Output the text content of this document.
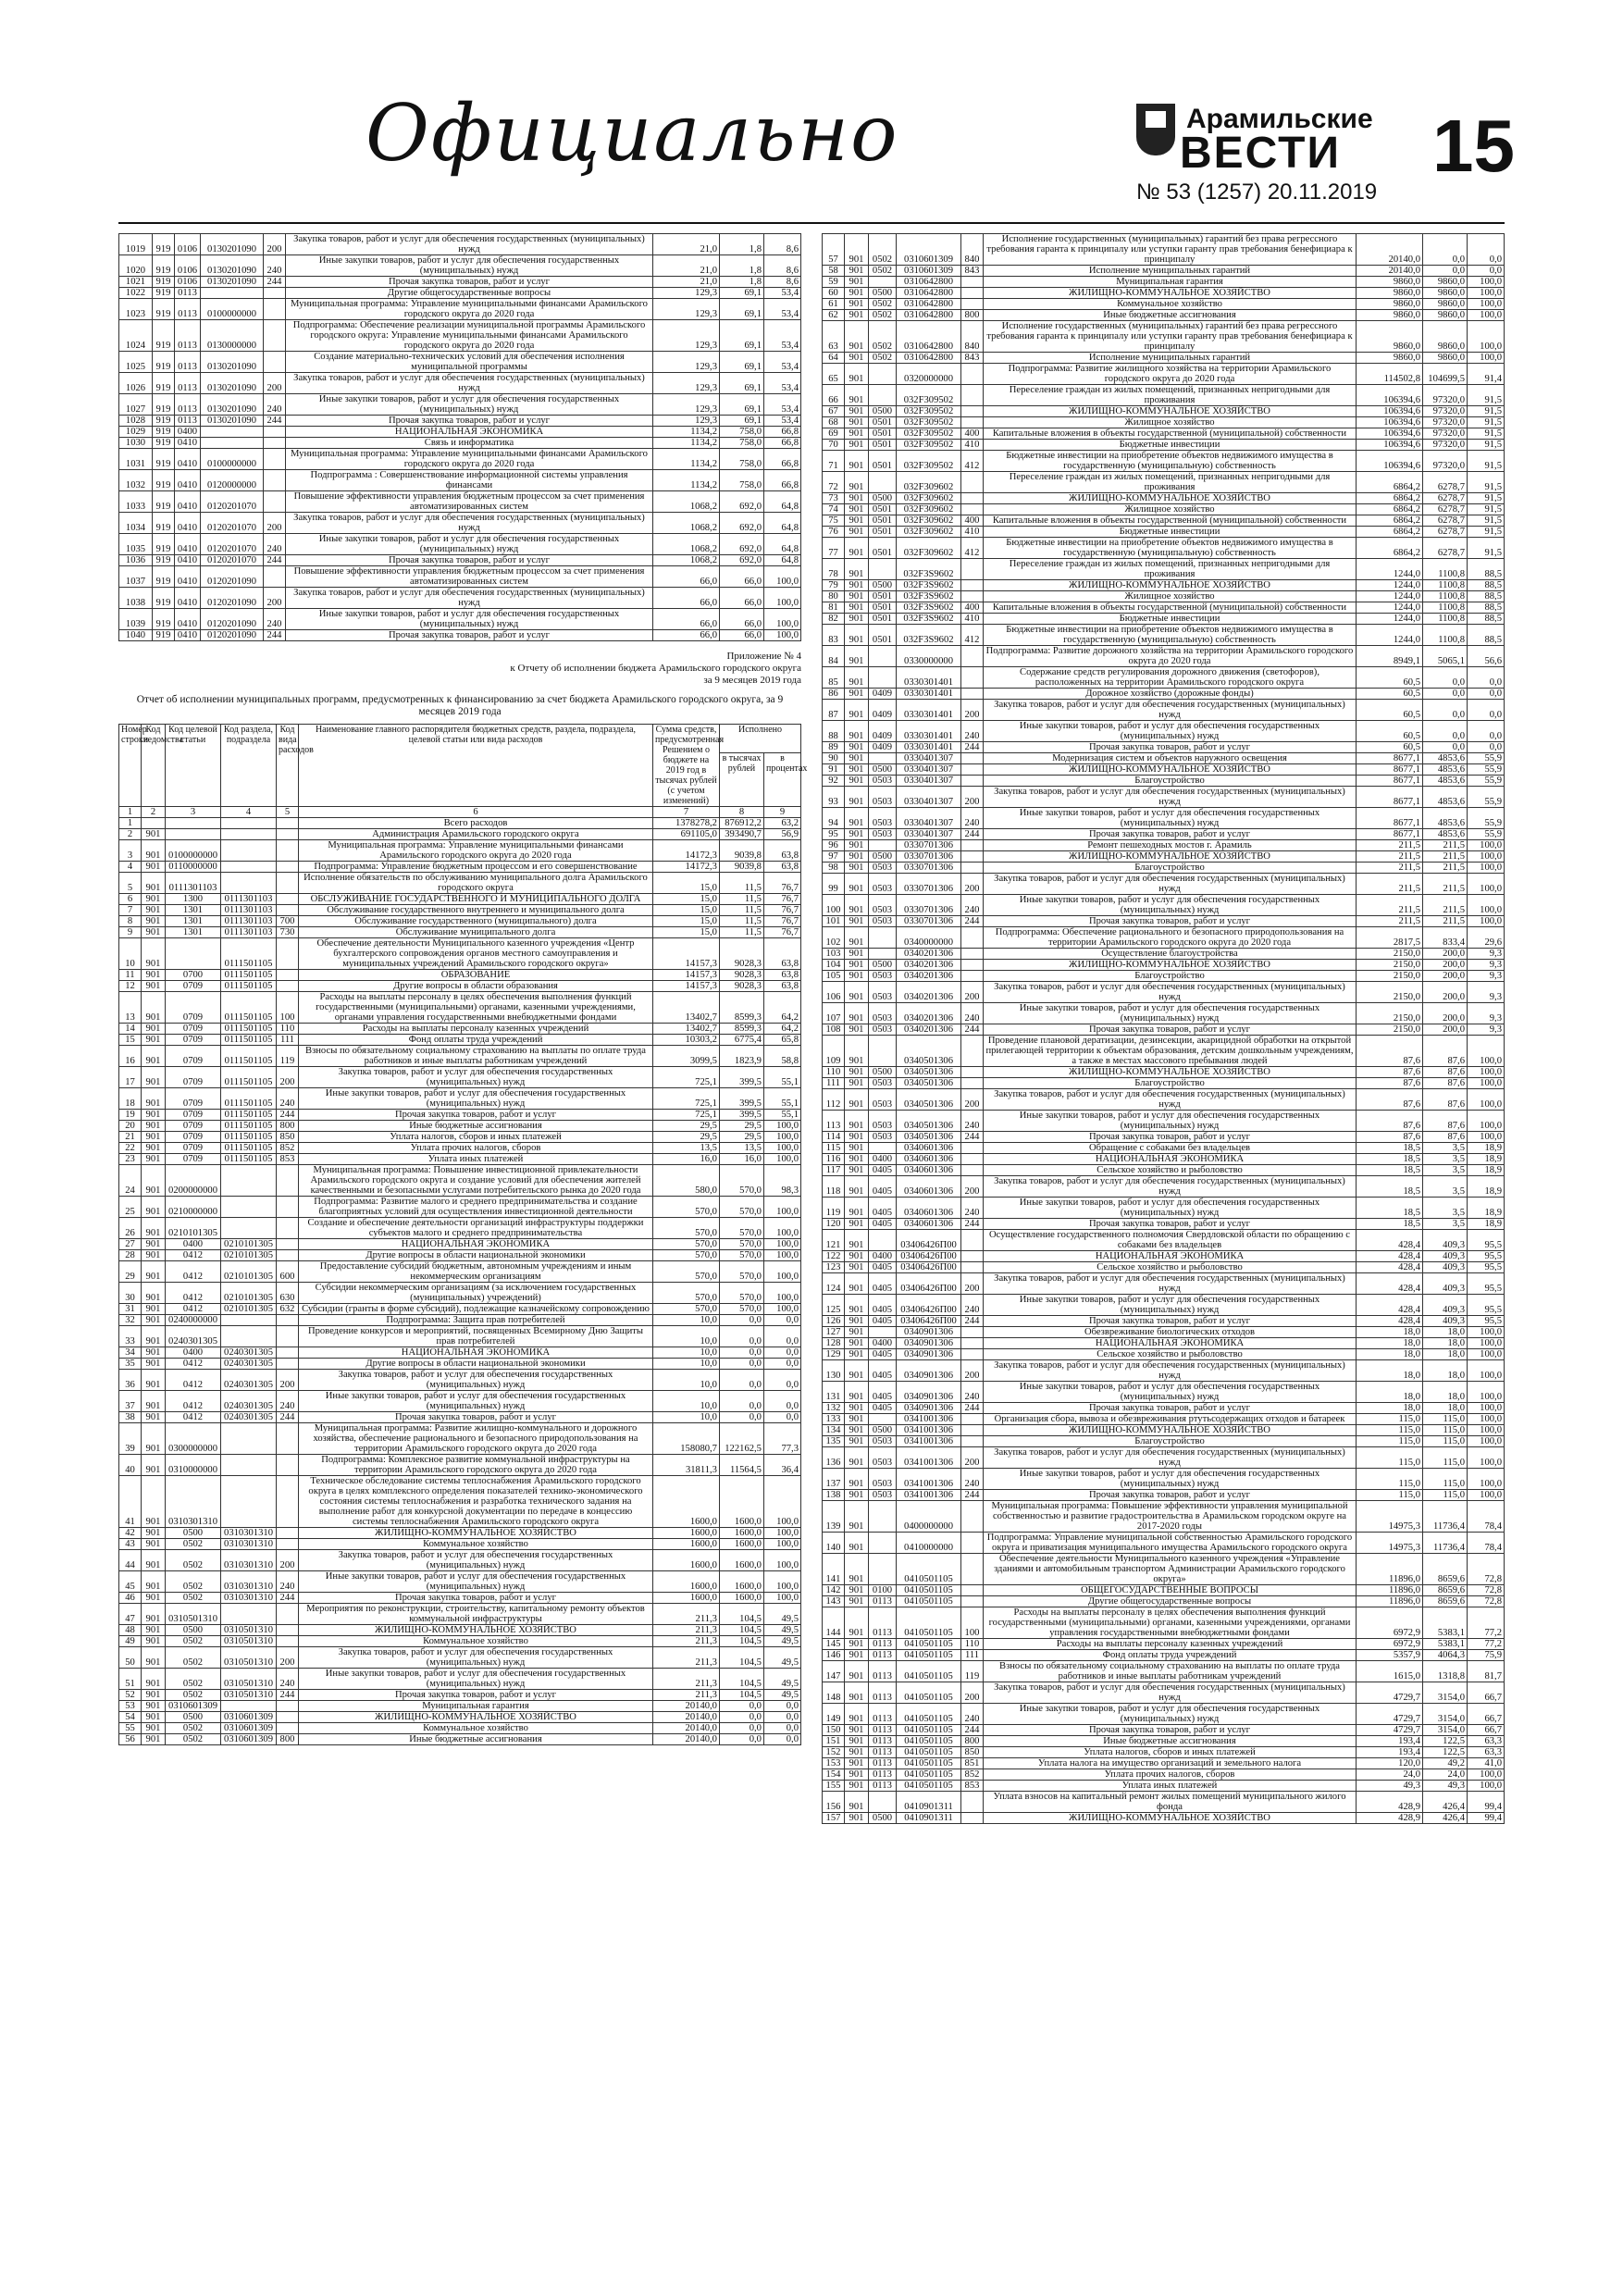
Официально	Арамильские
ВЕСТИ
№ 53 (1257) 20.11.2019
15
1019	919	0106	0130201090	200	Закупка товаров, работ и услуг для обеспечения государственных (муниципальных) нужд	21,0	1,8	8,6
1020	919	0106	0130201090	240	Иные закупки товаров, работ и услуг для обеспечения государственных (муниципальных) нужд	21,0	1,8	8,6
1021	919	0106	0130201090	244	Прочая закупка товаров, работ и услуг	21,0	1,8	8,6
1022	919	0113			Другие общегосударственные вопросы	129,3	69,1	53,4
1023	919	0113	0100000000		Муниципальная программа: Управление муниципальными финансами Арамильского городского округа до 2020 года	129,3	69,1	53,4
1024	919	0113	0130000000		Подпрограмма: Обеспечение реализации муниципальной программы Арамильского городского округа: Управление муниципальными финансами Арамильского городского округа до 2020 года	129,3	69,1	53,4
1025	919	0113	0130201090		Создание материально-технических условий для обеспечения исполнения муниципальной программы	129,3	69,1	53,4
1026	919	0113	0130201090	200	Закупка товаров, работ и услуг для обеспечения государственных (муниципальных) нужд	129,3	69,1	53,4
1027	919	0113	0130201090	240	Иные закупки товаров, работ и услуг для обеспечения государственных (муниципальных) нужд	129,3	69,1	53,4
1028	919	0113	0130201090	244	Прочая закупка товаров, работ и услуг	129,3	69,1	53,4
1029	919	0400			НАЦИОНАЛЬНАЯ ЭКОНОМИКА	1134,2	758,0	66,8
1030	919	0410			Связь и информатика	1134,2	758,0	66,8
1031	919	0410	0100000000		Муниципальная программа: Управление муниципальными финансами Арамильского городского округа до 2020 года	1134,2	758,0	66,8
1032	919	0410	0120000000		Подпрограмма : Совершенствование информационной системы управления финансами	1134,2	758,0	66,8
1033	919	0410	0120201070		Повышение эффективности управления бюджетным процессом за счет применения автоматизированных систем	1068,2	692,0	64,8
1034	919	0410	0120201070	200	Закупка товаров, работ и услуг для обеспечения государственных (муниципальных) нужд	1068,2	692,0	64,8
1035	919	0410	0120201070	240	Иные закупки товаров, работ и услуг для обеспечения государственных (муниципальных) нужд	1068,2	692,0	64,8
1036	919	0410	0120201070	244	Прочая закупка товаров, работ и услуг	1068,2	692,0	64,8
1037	919	0410	0120201090		Повышение эффективности управления бюджетным процессом за счет применения автоматизированных систем	66,0	66,0	100,0
1038	919	0410	0120201090	200	Закупка товаров, работ и услуг для обеспечения государственных (муниципальных) нужд	66,0	66,0	100,0
1039	919	0410	0120201090	240	Иные закупки товаров, работ и услуг для обеспечения государственных (муниципальных) нужд	66,0	66,0	100,0
1040	919	0410	0120201090	244	Прочая закупка товаров, работ и услуг	66,0	66,0	100,0
Приложение № 4
к Отчету об исполнении бюджета Арамильского городского округа
за 9 месяцев 2019 года
Отчет об исполнении муниципальных программ, предусмотренных к финансированию за счет бюджета Арамильского городского округа, за 9 месяцев 2019 года
Номер строки	Код ведомства	Код целевой статьи	Код раздела, подраздела	Код вида расходов	Наименование главного распорядителя бюджетных средств, раздела, подраздела, целевой статьи или вида расходов	Сумма средств, предусмотренная Решением о бюджете на 2019 год в тысячах рублей (с учетом изменений)	Исполнено	
							в тысячах рублей	в процентах
1	2	3	4	5	6	7	8	9
1					Всего расходов	1378278,2	876912,2	63,2
2	901				Администрация Арамильского городского округа	691105,0	393490,7	56,9
3	901	0100000000			Муниципальная программа: Управление муниципальными финансами Арамильского городского округа до 2020 года	14172,3	9039,8	63,8
4	901	0110000000			Подпрограмма: Управление бюджетным процессом и его совершенствование	14172,3	9039,8	63,8
5	901	0111301103			Исполнение обязательств по обслуживанию муниципального долга Арамильского городского округа	15,0	11,5	76,7
6	901	1300	0111301103		ОБСЛУЖИВАНИЕ ГОСУДАРСТВЕННОГО И МУНИЦИПАЛЬНОГО ДОЛГА	15,0	11,5	76,7
7	901	1301	0111301103		Обслуживание государственного внутреннего и муниципального долга	15,0	11,5	76,7
8	901	1301	0111301103	700	Обслуживание государственного (муниципального) долга	15,0	11,5	76,7
9	901	1301	0111301103	730	Обслуживание муниципального долга	15,0	11,5	76,7
10	901		0111501105		Обеспечение деятельности Муниципального казенного учреждения «Центр бухгалтерского сопровождения органов местного самоуправления и муниципальных учреждений Арамильского городского округа»	14157,3	9028,3	63,8
11	901	0700	0111501105		ОБРАЗОВАНИЕ	14157,3	9028,3	63,8
12	901	0709	0111501105		Другие вопросы в области образования	14157,3	9028,3	63,8
13	901	0709	0111501105	100	Расходы на выплаты персоналу в целях обеспечения выполнения функций государственными (муниципальными) органами, казенными учреждениями, органами управления государственными внебюджетными фондами	13402,7	8599,3	64,2
14	901	0709	0111501105	110	Расходы на выплаты персоналу казенных учреждений	13402,7	8599,3	64,2
15	901	0709	0111501105	111	Фонд оплаты труда учреждений	10303,2	6775,4	65,8
16	901	0709	0111501105	119	Взносы по обязательному социальному страхованию на выплаты по оплате труда работников и иные выплаты работникам учреждений	3099,5	1823,9	58,8
17	901	0709	0111501105	200	Закупка товаров, работ и услуг для обеспечения государственных (муниципальных) нужд	725,1	399,5	55,1
18	901	0709	0111501105	240	Иные закупки товаров, работ и услуг для обеспечения государственных (муниципальных) нужд	725,1	399,5	55,1
19	901	0709	0111501105	244	Прочая закупка товаров, работ и услуг	725,1	399,5	55,1
20	901	0709	0111501105	800	Иные бюджетные ассигнования	29,5	29,5	100,0
21	901	0709	0111501105	850	Уплата налогов, сборов и иных платежей	29,5	29,5	100,0
22	901	0709	0111501105	852	Уплата прочих налогов, сборов	13,5	13,5	100,0
23	901	0709	0111501105	853	Уплата иных платежей	16,0	16,0	100,0
24	901	0200000000			Муниципальная программа: Повышение инвестиционной привлекательности Арамильского городского округа и создание условий для обеспечения жителей качественными и безопасными услугами потребительского рынка до 2020 года	580,0	570,0	98,3
25	901	0210000000			Подпрограмма: Развитие малого и среднего предпринимательства и создание благоприятных условий для осуществления инвестиционной деятельности	570,0	570,0	100,0
26	901	0210101305			Создание и обеспечение деятельности организаций инфраструктуры поддержки субъектов малого и среднего предпринимательства	570,0	570,0	100,0
27	901	0400	0210101305		НАЦИОНАЛЬНАЯ ЭКОНОМИКА	570,0	570,0	100,0
28	901	0412	0210101305		Другие вопросы в области национальной экономики	570,0	570,0	100,0
29	901	0412	0210101305	600	Предоставление субсидий бюджетным, автономным учреждениям и иным некоммерческим организациям	570,0	570,0	100,0
30	901	0412	0210101305	630	Субсидии некоммерческим организациям (за исключением государственных (муниципальных) учреждений)	570,0	570,0	100,0
31	901	0412	0210101305	632	Субсидии (гранты в форме субсидий), подлежащие казначейскому сопровождению	570,0	570,0	100,0
32	901	0240000000			Подпрограмма: Защита прав потребителей	10,0	0,0	0,0
33	901	0240301305			Проведение конкурсов и мероприятий, посвященных Всемирному Дню Защиты прав потребителей	10,0	0,0	0,0
34	901	0400	0240301305		НАЦИОНАЛЬНАЯ ЭКОНОМИКА	10,0	0,0	0,0
35	901	0412	0240301305		Другие вопросы в области национальной экономики	10,0	0,0	0,0
36	901	0412	0240301305	200	Закупка товаров, работ и услуг для обеспечения государственных (муниципальных) нужд	10,0	0,0	0,0
37	901	0412	0240301305	240	Иные закупки товаров, работ и услуг для обеспечения государственных (муниципальных) нужд	10,0	0,0	0,0
38	901	0412	0240301305	244	Прочая закупка товаров, работ и услуг	10,0	0,0	0,0
39	901	0300000000			Муниципальная программа: Развитие жилищно-коммунального и дорожного хозяйства, обеспечение рационального и безопасного природопользования на территории Арамильского городского округа до 2020 года	158080,7	122162,5	77,3
40	901	0310000000			Подпрограмма: Комплексное развитие коммунальной инфраструктуры на территории Арамильского городского округа до 2020 года	31811,3	11564,5	36,4
41	901	0310301310			Техническое обследование системы теплоснабжения Арамильского городского округа в целях комплексного определения показателей технико-экономического состояния системы теплоснабжения и разработка технического задания на выполнение работ для конкурсной документации по передаче в концессию системы теплоснабжения Арамильского городского округа	1600,0	1600,0	100,0
42	901	0500	0310301310		ЖИЛИЩНО-КОММУНАЛЬНОЕ ХОЗЯЙСТВО	1600,0	1600,0	100,0
43	901	0502	0310301310		Коммунальное хозяйство	1600,0	1600,0	100,0
44	901	0502	0310301310	200	Закупка товаров, работ и услуг для обеспечения государственных (муниципальных) нужд	1600,0	1600,0	100,0
45	901	0502	0310301310	240	Иные закупки товаров, работ и услуг для обеспечения государственных (муниципальных) нужд	1600,0	1600,0	100,0
46	901	0502	0310301310	244	Прочая закупка товаров, работ и услуг	1600,0	1600,0	100,0
47	901	0310501310			Мероприятия по реконструкции, строительству, капитальному ремонту объектов коммунальной инфраструктуры	211,3	104,5	49,5
48	901	0500	0310501310		ЖИЛИЩНО-КОММУНАЛЬНОЕ ХОЗЯЙСТВО	211,3	104,5	49,5
49	901	0502	0310501310		Коммунальное хозяйство	211,3	104,5	49,5
50	901	0502	0310501310	200	Закупка товаров, работ и услуг для обеспечения государственных (муниципальных) нужд	211,3	104,5	49,5
51	901	0502	0310501310	240	Иные закупки товаров, работ и услуг для обеспечения государственных (муниципальных) нужд	211,3	104,5	49,5
52	901	0502	0310501310	244	Прочая закупка товаров, работ и услуг	211,3	104,5	49,5
53	901	0310601309			Муниципальная гарантия	20140,0	0,0	0,0
54	901	0500	0310601309		ЖИЛИЩНО-КОММУНАЛЬНОЕ ХОЗЯЙСТВО	20140,0	0,0	0,0
55	901	0502	0310601309		Коммунальное хозяйство	20140,0	0,0	0,0
56	901	0502	0310601309	800	Иные бюджетные ассигнования	20140,0	0,0	0,0
57	901	0502	0310601309	840	Исполнение государственных (муниципальных) гарантий без права регрессного требования гаранта к принципалу или уступки гаранту прав требования бенефициара к принципалу	20140,0	0,0	0,0
58	901	0502	0310601309	843	Исполнение муниципальных гарантий	20140,0	0,0	0,0
59	901		0310642800		Муниципальная гарантия	9860,0	9860,0	100,0
60	901	0500	0310642800		ЖИЛИЩНО-КОММУНАЛЬНОЕ ХОЗЯЙСТВО	9860,0	9860,0	100,0
61	901	0502	0310642800		Коммунальное хозяйство	9860,0	9860,0	100,0
62	901	0502	0310642800	800	Иные бюджетные ассигнования	9860,0	9860,0	100,0
63	901	0502	0310642800	840	Исполнение государственных (муниципальных) гарантий без права регрессного требования гаранта к принципалу или уступки гаранту прав требования бенефициара к принципалу	9860,0	9860,0	100,0
64	901	0502	0310642800	843	Исполнение муниципальных гарантий	9860,0	9860,0	100,0
65	901		0320000000		Подпрограмма: Развитие жилищного хозяйства на территории Арамильского городского округа до 2020 года	114502,8	104699,5	91,4
66	901		032F309502		Переселение граждан из жилых помещений, признанных непригодными для проживания	106394,6	97320,0	91,5
67	901	0500	032F309502		ЖИЛИЩНО-КОММУНАЛЬНОЕ ХОЗЯЙСТВО	106394,6	97320,0	91,5
68	901	0501	032F309502		Жилищное хозяйство	106394,6	97320,0	91,5
69	901	0501	032F309502	400	Капитальные вложения в объекты государственной (муниципальной) собственности	106394,6	97320,0	91,5
70	901	0501	032F309502	410	Бюджетные инвестиции	106394,6	97320,0	91,5
71	901	0501	032F309502	412	Бюджетные инвестиции на приобретение объектов недвижимого имущества в государственную (муниципальную) собственность	106394,6	97320,0	91,5
72	901		032F309602		Переселение граждан из жилых помещений, признанных непригодными для проживания	6864,2	6278,7	91,5
73	901	0500	032F309602		ЖИЛИЩНО-КОММУНАЛЬНОЕ ХОЗЯЙСТВО	6864,2	6278,7	91,5
74	901	0501	032F309602		Жилищное хозяйство	6864,2	6278,7	91,5
75	901	0501	032F309602	400	Капитальные вложения в объекты государственной (муниципальной) собственности	6864,2	6278,7	91,5
76	901	0501	032F309602	410	Бюджетные инвестиции	6864,2	6278,7	91,5
77	901	0501	032F309602	412	Бюджетные инвестиции на приобретение объектов недвижимого имущества в государственную (муниципальную) собственность	6864,2	6278,7	91,5
78	901		032F3S9602		Переселение граждан из жилых помещений, признанных непригодными для проживания	1244,0	1100,8	88,5
79	901	0500	032F3S9602		ЖИЛИЩНО-КОММУНАЛЬНОЕ ХОЗЯЙСТВО	1244,0	1100,8	88,5
80	901	0501	032F3S9602		Жилищное хозяйство	1244,0	1100,8	88,5
81	901	0501	032F3S9602	400	Капитальные вложения в объекты государственной (муниципальной) собственности	1244,0	1100,8	88,5
82	901	0501	032F3S9602	410	Бюджетные инвестиции	1244,0	1100,8	88,5
83	901	0501	032F3S9602	412	Бюджетные инвестиции на приобретение объектов недвижимого имущества в государственную (муниципальную) собственность	1244,0	1100,8	88,5
84	901		0330000000		Подпрограмма: Развитие дорожного хозяйства на территории Арамильского городского округа до 2020 года	8949,1	5065,1	56,6
85	901		0330301401		Содержание средств регулирования дорожного движения (светофоров), расположенных на территории Арамильского городского округа	60,5	0,0	0,0
86	901	0409	0330301401		Дорожное хозяйство (дорожные фонды)	60,5	0,0	0,0
87	901	0409	0330301401	200	Закупка товаров, работ и услуг для обеспечения государственных (муниципальных) нужд	60,5	0,0	0,0
88	901	0409	0330301401	240	Иные закупки товаров, работ и услуг для обеспечения государственных (муниципальных) нужд	60,5	0,0	0,0
89	901	0409	0330301401	244	Прочая закупка товаров, работ и услуг	60,5	0,0	0,0
90	901		0330401307		Модернизация систем и объектов наружного освещения	8677,1	4853,6	55,9
91	901	0500	0330401307		ЖИЛИЩНО-КОММУНАЛЬНОЕ ХОЗЯЙСТВО	8677,1	4853,6	55,9
92	901	0503	0330401307		Благоустройство	8677,1	4853,6	55,9
93	901	0503	0330401307	200	Закупка товаров, работ и услуг для обеспечения государственных (муниципальных) нужд	8677,1	4853,6	55,9
94	901	0503	0330401307	240	Иные закупки товаров, работ и услуг для обеспечения государственных (муниципальных) нужд	8677,1	4853,6	55,9
95	901	0503	0330401307	244	Прочая закупка товаров, работ и услуг	8677,1	4853,6	55,9
96	901		0330701306		Ремонт пешеходных мостов г. Арамиль	211,5	211,5	100,0
97	901	0500	0330701306		ЖИЛИЩНО-КОММУНАЛЬНОЕ ХОЗЯЙСТВО	211,5	211,5	100,0
98	901	0503	0330701306		Благоустройство	211,5	211,5	100,0
99	901	0503	0330701306	200	Закупка товаров, работ и услуг для обеспечения государственных (муниципальных) нужд	211,5	211,5	100,0
100	901	0503	0330701306	240	Иные закупки товаров, работ и услуг для обеспечения государственных (муниципальных) нужд	211,5	211,5	100,0
101	901	0503	0330701306	244	Прочая закупка товаров, работ и услуг	211,5	211,5	100,0
102	901		0340000000		Подпрограмма: Обеспечение рационального и безопасного природопользования на территории Арамильского городского округа до 2020 года	2817,5	833,4	29,6
103	901		0340201306		Осуществление благоустройства	2150,0	200,0	9,3
104	901	0500	0340201306		ЖИЛИЩНО-КОММУНАЛЬНОЕ ХОЗЯЙСТВО	2150,0	200,0	9,3
105	901	0503	0340201306		Благоустройство	2150,0	200,0	9,3
106	901	0503	0340201306	200	Закупка товаров, работ и услуг для обеспечения государственных (муниципальных) нужд	2150,0	200,0	9,3
107	901	0503	0340201306	240	Иные закупки товаров, работ и услуг для обеспечения государственных (муниципальных) нужд	2150,0	200,0	9,3
108	901	0503	0340201306	244	Прочая закупка товаров, работ и услуг	2150,0	200,0	9,3
109	901		0340501306		Проведение плановой дератизации, дезинсекции, акарицидной обработки на открытой прилегающей территории к объектам образования, детским дошкольным учреждениям, а также в местах массового пребывания людей	87,6	87,6	100,0
110	901	0500	0340501306		ЖИЛИЩНО-КОММУНАЛЬНОЕ ХОЗЯЙСТВО	87,6	87,6	100,0
111	901	0503	0340501306		Благоустройство	87,6	87,6	100,0
112	901	0503	0340501306	200	Закупка товаров, работ и услуг для обеспечения государственных (муниципальных) нужд	87,6	87,6	100,0
113	901	0503	0340501306	240	Иные закупки товаров, работ и услуг для обеспечения государственных (муниципальных) нужд	87,6	87,6	100,0
114	901	0503	0340501306	244	Прочая закупка товаров, работ и услуг	87,6	87,6	100,0
115	901		0340601306		Обращение с собаками без владельцев	18,5	3,5	18,9
116	901	0400	0340601306		НАЦИОНАЛЬНАЯ ЭКОНОМИКА	18,5	3,5	18,9
117	901	0405	0340601306		Сельское хозяйство и рыболовство	18,5	3,5	18,9
118	901	0405	0340601306	200	Закупка товаров, работ и услуг для обеспечения государственных (муниципальных) нужд	18,5	3,5	18,9
119	901	0405	0340601306	240	Иные закупки товаров, работ и услуг для обеспечения государственных (муниципальных) нужд	18,5	3,5	18,9
120	901	0405	0340601306	244	Прочая закупка товаров, работ и услуг	18,5	3,5	18,9
121	901		03406426П00		Осуществление государственного полномочия Свердловской области по обращению с собаками без владельцев	428,4	409,3	95,5
122	901	0400	03406426П00		НАЦИОНАЛЬНАЯ ЭКОНОМИКА	428,4	409,3	95,5
123	901	0405	03406426П00		Сельское хозяйство и рыболовство	428,4	409,3	95,5
124	901	0405	03406426П00	200	Закупка товаров, работ и услуг для обеспечения государственных (муниципальных) нужд	428,4	409,3	95,5
125	901	0405	03406426П00	240	Иные закупки товаров, работ и услуг для обеспечения государственных (муниципальных) нужд	428,4	409,3	95,5
126	901	0405	03406426П00	244	Прочая закупка товаров, работ и услуг	428,4	409,3	95,5
127	901		0340901306		Обезвреживание биологических отходов	18,0	18,0	100,0
128	901	0400	0340901306		НАЦИОНАЛЬНАЯ ЭКОНОМИКА	18,0	18,0	100,0
129	901	0405	0340901306		Сельское хозяйство и рыболовство	18,0	18,0	100,0
130	901	0405	0340901306	200	Закупка товаров, работ и услуг для обеспечения государственных (муниципальных) нужд	18,0	18,0	100,0
131	901	0405	0340901306	240	Иные закупки товаров, работ и услуг для обеспечения государственных (муниципальных) нужд	18,0	18,0	100,0
132	901	0405	0340901306	244	Прочая закупка товаров, работ и услуг	18,0	18,0	100,0
133	901		0341001306		Организация сбора, вывоза и обезвреживания ртутьсодержащих отходов и батареек	115,0	115,0	100,0
134	901	0500	0341001306		ЖИЛИЩНО-КОММУНАЛЬНОЕ ХОЗЯЙСТВО	115,0	115,0	100,0
135	901	0503	0341001306		Благоустройство	115,0	115,0	100,0
136	901	0503	0341001306	200	Закупка товаров, работ и услуг для обеспечения государственных (муниципальных) нужд	115,0	115,0	100,0
137	901	0503	0341001306	240	Иные закупки товаров, работ и услуг для обеспечения государственных (муниципальных) нужд	115,0	115,0	100,0
138	901	0503	0341001306	244	Прочая закупка товаров, работ и услуг	115,0	115,0	100,0
139	901		0400000000		Муниципальная программа: Повышение эффективности управления муниципальной собственностью и развитие градостроительства в Арамильском городском округе на 2017-2020 годы	14975,3	11736,4	78,4
140	901		0410000000		Подпрограмма: Управление муниципальной собственностью Арамильского городского округа и приватизация муниципального имущества Арамильского городского округа	14975,3	11736,4	78,4
141	901		0410501105		Обеспечение деятельности Муниципального казенного учреждения «Управление зданиями и автомобильным транспортом Администрации Арамильского городского округа»	11896,0	8659,6	72,8
142	901	0100	0410501105		ОБЩЕГОСУДАРСТВЕННЫЕ ВОПРОСЫ	11896,0	8659,6	72,8
143	901	0113	0410501105		Другие общегосударственные вопросы	11896,0	8659,6	72,8
144	901	0113	0410501105	100	Расходы на выплаты персоналу в целях обеспечения выполнения функций государственными (муниципальными) органами, казенными учреждениями, органами управления государственными внебюджетными фондами	6972,9	5383,1	77,2
145	901	0113	0410501105	110	Расходы на выплаты персоналу казенных учреждений	6972,9	5383,1	77,2
146	901	0113	0410501105	111	Фонд оплаты труда учреждений	5357,9	4064,3	75,9
147	901	0113	0410501105	119	Взносы по обязательному социальному страхованию на выплаты по оплате труда работников и иные выплаты работникам учреждений	1615,0	1318,8	81,7
148	901	0113	0410501105	200	Закупка товаров, работ и услуг для обеспечения государственных (муниципальных) нужд	4729,7	3154,0	66,7
149	901	0113	0410501105	240	Иные закупки товаров, работ и услуг для обеспечения государственных (муниципальных) нужд	4729,7	3154,0	66,7
150	901	0113	0410501105	244	Прочая закупка товаров, работ и услуг	4729,7	3154,0	66,7
151	901	0113	0410501105	800	Иные бюджетные ассигнования	193,4	122,5	63,3
152	901	0113	0410501105	850	Уплата налогов, сборов и иных платежей	193,4	122,5	63,3
153	901	0113	0410501105	851	Уплата налога на имущество организаций и земельного налога	120,0	49,2	41,0
154	901	0113	0410501105	852	Уплата прочих налогов, сборов	24,0	24,0	100,0
155	901	0113	0410501105	853	Уплата иных платежей	49,3	49,3	100,0
156	901		0410901311		Уплата взносов на капитальный ремонт жилых помещений муниципального жилого фонда	428,9	426,4	99,4
157	901	0500	0410901311		ЖИЛИЩНО-КОММУНАЛЬНОЕ ХОЗЯЙСТВО	428,9	426,4	99,4
